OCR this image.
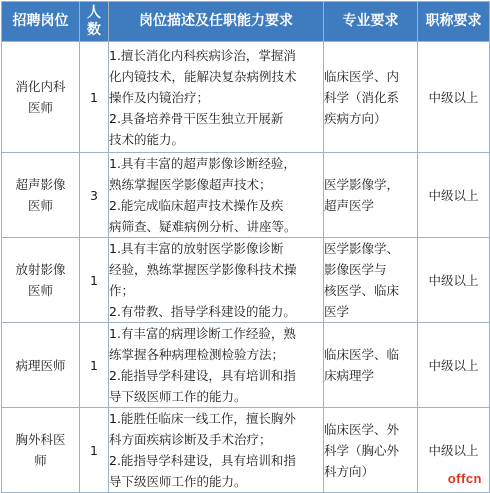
招聘岗位	人数	岗位描述及任职能力要求	专业要求	职称要求

消化内科
医师	1	1.擅长消化内科疾病诊治，掌握消
化内镜技术，能解决复杂病例技术
操作及内镜治疗；
2.具备培养骨干医生独立开展新
技术的能力。	临床医学、内
科学（消化系
疾病方向）	中级以上

超声影像
医师	3	1.具有丰富的超声影像诊断经验，
熟练掌握医学影像超声技术；
2.能完成临床超声技术操作及疾
病筛查、疑难病例分析、讲座等。	医学影像学，
超声医学	中级以上

放射影像
医师	1	1.具有丰富的放射医学影像诊断
经验，熟练掌握医学影像科技术操
作；
2.有带教、指导学科建设的能力。	医学影像学、
影像医学与
核医学、临床
医学	中级以上

病理医师	1	1.有丰富的病理诊断工作经验，熟
练掌握各种病理检测检验方法；
2.能指导学科建设，具有培训和指
导下级医师工作的能力。	临床医学、临
床病理学	中级以上

胸外科医
师	1	1.能胜任临床一线工作，擅长胸外
科方面疾病诊断及手术治疗；
2.能指导学科建设，具有培训和指
导下级医师工作的能力。	临床医学、外
科学（胸心外
科方向）	中级以上
offcn
